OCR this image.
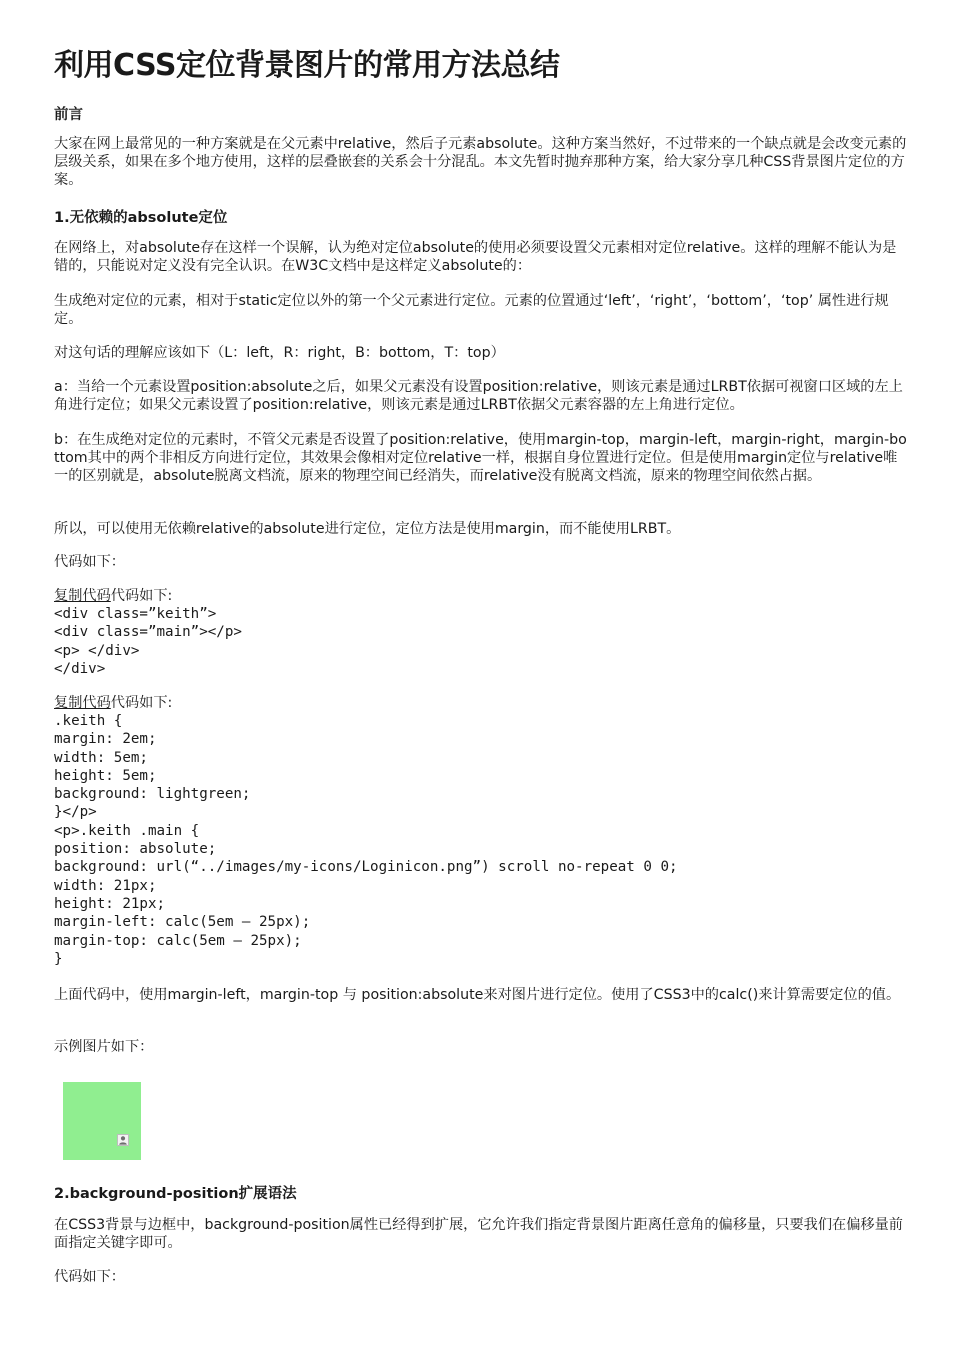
利用CSS定位背景图片的常用方法总结
前言

大家在网上最常见的一种方案就是在父元素中relative，然后子元素absolute。这种方案当然好，不过带来的一个缺点就是会改变元素的层级关系，如果在多个地方使用，这样的层叠嵌套的关系会十分混乱。本文先暂时抛弃那种方案，给大家分享几种CSS背景图片定位的方案。

1.无依赖的absolute定位

在网络上，对absolute存在这样一个误解，认为绝对定位absolute的使用必须要设置父元素相对定位relative。这样的理解不能认为是错的，只能说对定义没有完全认识。在W3C文档中是这样定义absolute的：

生成绝对定位的元素，相对于static定位以外的第一个父元素进行定位。元素的位置通过‘left’，‘right’，‘bottom’，‘top’ 属性进行规定。

对这句话的理解应该如下（L：left，R：right，B：bottom，T：top）

a：当给一个元素设置position:absolute之后，如果父元素没有设置position:relative，则该元素是通过LRBT依据可视窗口区域的左上角进行定位；如果父元素设置了position:relative，则该元素是通过LRBT依据父元素容器的左上角进行定位。

b：在生成绝对定位的元素时，不管父元素是否设置了position:relative，使用margin-top，margin-left，margin-right，margin-bottom其中的两个非相反方向进行定位，其效果会像相对定位relative一样，根据自身位置进行定位。但是使用margin定位与relative唯一的区别就是，absolute脱离文档流，原来的物理空间已经消失，而relative没有脱离文档流，原来的物理空间依然占据。

所以，可以使用无依赖relative的absolute进行定位，定位方法是使用margin，而不能使用LRBT。

代码如下：

复制代码代码如下:

<div class=”keith”>
<div class=”main”></p>
<p> </div>
</div>

复制代码代码如下:

.keith {
margin: 2em;
width: 5em;
height: 5em;
background: lightgreen;
}</p>
<p>.keith .main {
position: absolute;
background: url(“../images/my-icons/Loginicon.png”) scroll no-repeat 0 0;
width: 21px;
height: 21px;
margin-left: calc(5em – 25px);
margin-top: calc(5em – 25px);
}

上面代码中，使用margin-left，margin-top 与 position:absolute来对图片进行定位。使用了CSS3中的calc()来计算需要定位的值。

示例图片如下：

2.background-position扩展语法

在CSS3背景与边框中，background-position属性已经得到扩展，它允许我们指定背景图片距离任意角的偏移量，只要我们在偏移量前面指定关键字即可。

代码如下：
